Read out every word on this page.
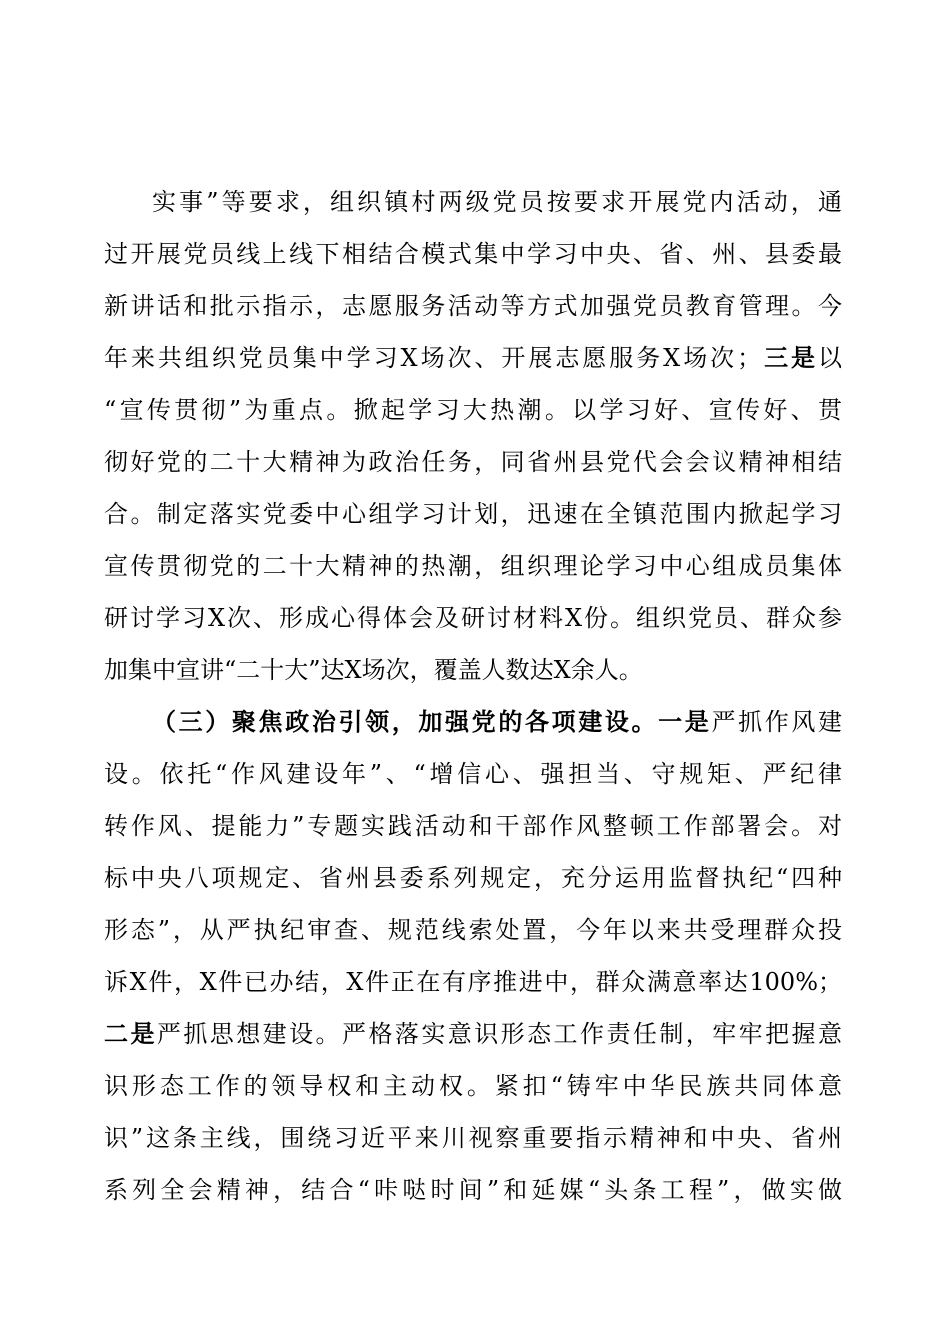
实事”等要求，组织镇村两级党员按要求开展党内活动，通
过开展党员线上线下相结合模式集中学习中央、省、州、县委最
新讲话和批示指示，志愿服务活动等方式加强党员教育管理。今
年来共组织党员集中学习X场次、开展志愿服务X场次；三是以
“宣传贯彻”为重点。掀起学习大热潮。以学习好、宣传好、贯
彻好党的二十大精神为政治任务，同省州县党代会会议精神相结
合。制定落实党委中心组学习计划，迅速在全镇范围内掀起学习
宣传贯彻党的二十大精神的热潮，组织理论学习中心组成员集体
研讨学习X次、形成心得体会及研讨材料X份。组织党员、群众参
加集中宣讲“二十大”达X场次，覆盖人数达X余人。
（三）聚焦政治引领，加强党的各项建设。一是严抓作风建
设。依托“作风建设年”、“增信心、强担当、守规矩、严纪律
转作风、提能力”专题实践活动和干部作风整顿工作部署会。对
标中央八项规定、省州县委系列规定，充分运用监督执纪“四种
形态”，从严执纪审查、规范线索处置，今年以来共受理群众投
诉X件，X件已办结，X件正在有序推进中，群众满意率达100%；
二是严抓思想建设。严格落实意识形态工作责任制，牢牢把握意
识形态工作的领导权和主动权。紧扣“铸牢中华民族共同体意
识”这条主线，围绕习近平来川视察重要指示精神和中央、省州
系列全会精神，结合“咔哒时间”和延媒“头条工程”，做实做
